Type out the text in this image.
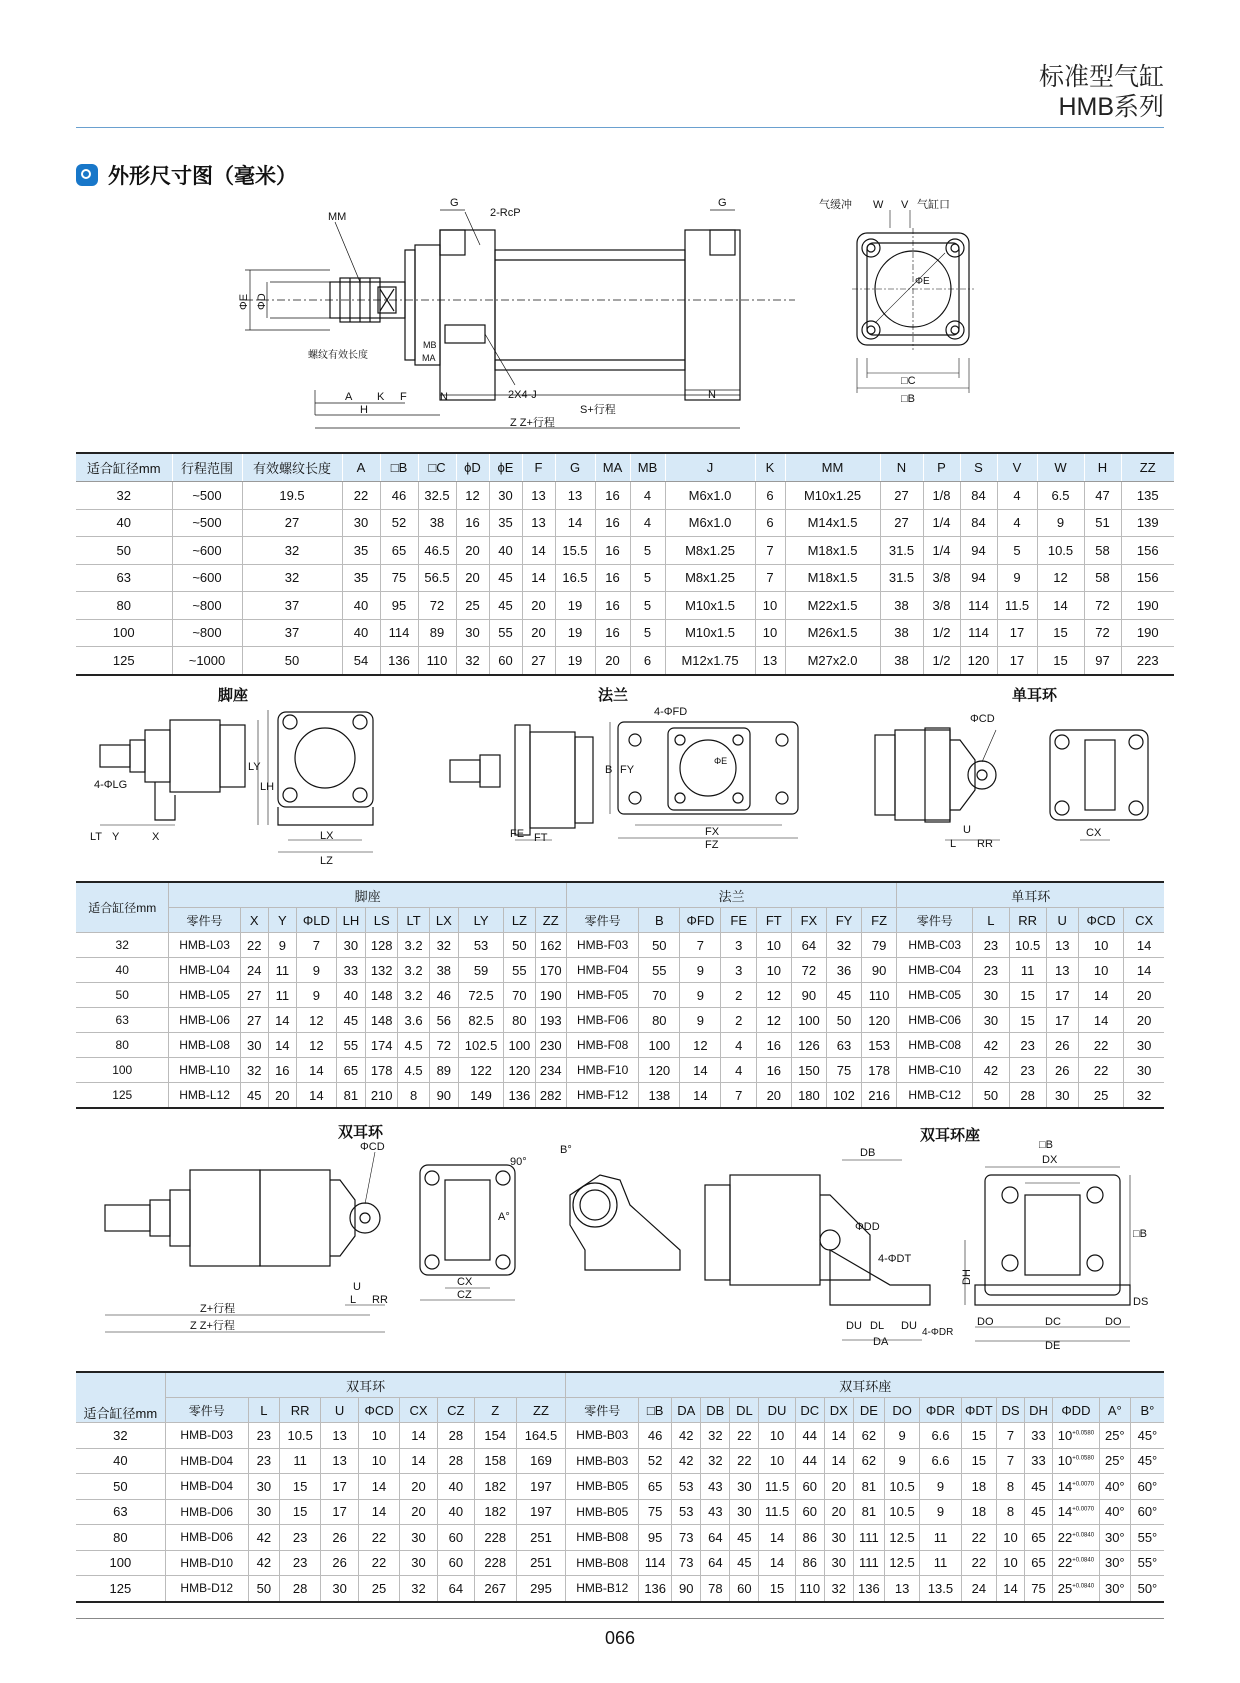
标准型气缸
HMB系列
外形尺寸图（毫米）
MM
G
2-RcP
G
ΦE ΦD
螺纹有效长度
MB
MA
A K F	N	2X4-J	N
H	S+行程
Z Z+行程
气缓冲 W V 气缸口
ΦE
□C
□B
适合缸径mm	行程范围	有效螺纹长度	A	□B	□C	ϕD	ϕE	F	G	MA	MB	J	K	MM	N	P	S	V	W	H	ZZ
32	~500	19.5	22	46	32.5	12	30	13	13	16	4	M6x1.0	6	M10x1.25	27	1/8	84	4	6.5	47	135
40	~500	27	30	52	38	16	35	13	14	16	4	M6x1.0	6	M14x1.5	27	1/4	84	4	9	51	139
50	~600	32	35	65	46.5	20	40	14	15.5	16	5	M8x1.25	7	M18x1.5	31.5	1/4	94	5	10.5	58	156
63	~600	32	35	75	56.5	20	45	14	16.5	16	5	M8x1.25	7	M18x1.5	31.5	3/8	94	9	12	58	156
80	~800	37	40	95	72	25	45	20	19	16	5	M10x1.5	10	M22x1.5	38	3/8	114	11.5	14	72	190
100	~800	37	40	114	89	30	55	20	19	16	5	M10x1.5	10	M26x1.5	38	1/2	114	17	15	72	190
125	~1000	50	54	136	110	32	60	27	19	20	6	M12x1.75	13	M27x2.0	38	1/2	120	17	15	97	223
脚座	法兰	单耳环
4-ΦLG
LY
LH
LT Y	X	LX
LZ
4-ΦFD
ΦE
B FY
FE FT	FX
FZ
ΦCD
U
L RR
CX
适合缸径mm	脚座											法兰								单耳环					
	零件号	X	Y	ΦLD	LH	LS	LT	LX	LY	LZ	ZZ	零件号	B	ΦFD	FE	FT	FX	FY	FZ	零件号	L	RR	U	ΦCD	CX
32	HMB-L03	22	9	7	30	128	3.2	32	53	50	162	HMB-F03	50	7	3	10	64	32	79	HMB-C03	23	10.5	13	10	14
40	HMB-L04	24	11	9	33	132	3.2	38	59	55	170	HMB-F04	55	9	3	10	72	36	90	HMB-C04	23	11	13	10	14
50	HMB-L05	27	11	9	40	148	3.2	46	72.5	70	190	HMB-F05	70	9	2	12	90	45	110	HMB-C05	30	15	17	14	20
63	HMB-L06	27	14	12	45	148	3.6	56	82.5	80	193	HMB-F06	80	9	2	12	100	50	120	HMB-C06	30	15	17	14	20
80	HMB-L08	30	14	12	55	174	4.5	72	102.5	100	230	HMB-F08	100	12	4	16	126	63	153	HMB-C08	42	23	26	22	30
100	HMB-L10	32	16	14	65	178	4.5	89	122	120	234	HMB-F10	120	14	4	16	150	75	178	HMB-C10	42	23	26	22	30
125	HMB-L12	45	20	14	81	210	8	90	149	136	282	HMB-F12	138	14	7	20	180	102	216	HMB-C12	50	28	30	25	32
双耳环	双耳环座
ΦCD
U
L RR
CX
CZ
Z+行程
Z Z+行程
90°
B°
A°
DB
ΦDD
4-ΦDT
DH
DU DL DU
DA
4-ΦDR
□B
DX
□B
DS
DO	DC	DO
DE
适合缸径mm	双耳环									双耳环座																
	零件号	L	RR	U	ΦCD	CX	CZ	Z	ZZ	零件号	□B	DA	DB	DL	DU	DC	DX	DE	DO	ΦDR	ΦDT	DS	DH	ΦDD	A°	B°
32	HMB-D03	23	10.5	13	10	14	28	154	164.5	HMB-B03	46	42	32	22	10	44	14	62	9	6.6	15	7	33	$10^{+0.0580}$	25°	45°
40	HMB-D04	23	11	13	10	14	28	158	169	HMB-B03	52	42	32	22	10	44	14	62	9	6.6	15	7	33	$10^{+0.0580}$	25°	45°
50	HMB-D04	30	15	17	14	20	40	182	197	HMB-B05	65	53	43	30	11.5	60	20	81	10.5	9	18	8	45	$14^{+0.0070}$	40°	60°
63	HMB-D06	30	15	17	14	20	40	182	197	HMB-B05	75	53	43	30	11.5	60	20	81	10.5	9	18	8	45	$14^{+0.0070}$	40°	60°
80	HMB-D06	42	23	26	22	30	60	228	251	HMB-B08	95	73	64	45	14	86	30	111	12.5	11	22	10	65	$22^{+0.0840}$	30°	55°
100	HMB-D10	42	23	26	22	30	60	228	251	HMB-B08	114	73	64	45	14	86	30	111	12.5	11	22	10	65	$22^{+0.0840}$	30°	55°
125	HMB-D12	50	28	30	25	32	64	267	295	HMB-B12	136	90	78	60	15	110	32	136	13	13.5	24	14	75	$25^{+0.0840}$	30°	50°
066
